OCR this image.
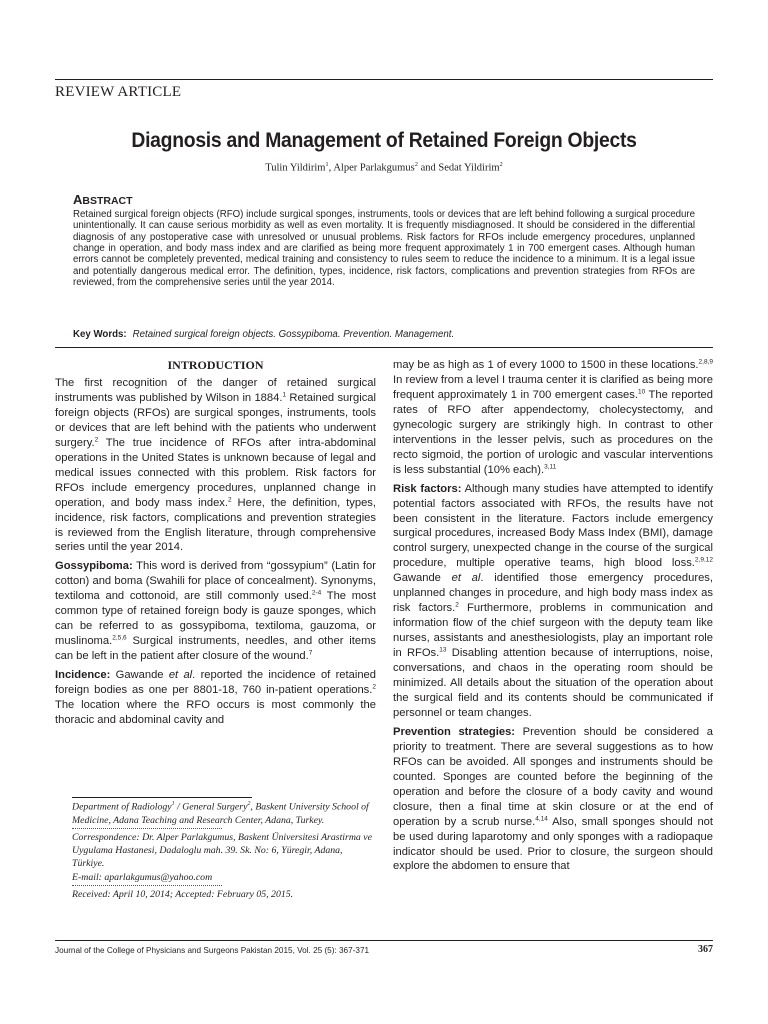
REVIEW ARTICLE
Diagnosis and Management of Retained Foreign Objects
Tulin Yildirim$^1$, Alper Parlakgumus$^2$ and Sedat Yildirim$^2$
ABSTRACT
Retained surgical foreign objects (RFO) include surgical sponges, instruments, tools or devices that are left behind following a surgical procedure unintentionally. It can cause serious morbidity as well as even mortality. It is frequently misdiagnosed. It should be considered in the differential diagnosis of any postoperative case with unresolved or unusual problems. Risk factors for RFOs include emergency procedures, unplanned change in operation, and body mass index and are clarified as being more frequent approximately 1 in 700 emergent cases. Although human errors cannot be completely prevented, medical training and consistency to rules seem to reduce the incidence to a minimum. It is a legal issue and potentially dangerous medical error. The definition, types, incidence, risk factors, complications and prevention strategies from RFOs are reviewed, from the comprehensive series until the year 2014.
Key Words: Retained surgical foreign objects. Gossypiboma. Prevention. Management.
INTRODUCTION

The first recognition of the danger of retained surgical instruments was published by Wilson in 1884.$^1$ Retained surgical foreign objects (RFOs) are surgical sponges, instruments, tools or devices that are left behind with the patients who underwent surgery.$^2$ The true incidence of RFOs after intra-abdominal operations in the United States is unknown because of legal and medical issues connected with this problem. Risk factors for RFOs include emergency procedures, unplanned change in operation, and body mass index.$^2$ Here, the definition, types, incidence, risk factors, complications and prevention strategies is reviewed from the English literature, through comprehensive series until the year 2014.

Gossypiboma: This word is derived from “gossypium” (Latin for cotton) and boma (Swahili for place of concealment). Synonyms, textiloma and cottonoid, are still commonly used.$^{2-4}$ The most common type of retained foreign body is gauze sponges, which can be referred to as gossypiboma, textiloma, gauzoma, or muslinoma.$^{2,5,6}$ Surgical instruments, needles, and other items can be left in the patient after closure of the wound.$^7$

Incidence: Gawande et al. reported the incidence of retained foreign bodies as one per 8801-18, 760 in-patient operations.$^2$ The location where the RFO occurs is most commonly the thoracic and abdominal cavity and

may be as high as 1 of every 1000 to 1500 in these locations.$^{2,8,9}$ In review from a level I trauma center it is clarified as being more frequent approximately 1 in 700 emergent cases.$^{10}$ The reported rates of RFO after appendectomy, cholecystectomy, and gynecologic surgery are strikingly high. In contrast to other interventions in the lesser pelvis, such as procedures on the recto sigmoid, the portion of urologic and vascular interventions is less substantial (10% each).$^{3,11}$

Risk factors: Although many studies have attempted to identify potential factors associated with RFOs, the results have not been consistent in the literature. Factors include emergency surgical procedures, increased Body Mass Index (BMI), damage control surgery, unexpected change in the course of the surgical procedure, multiple operative teams, high blood loss.$^{2,9,12}$ Gawande et al. identified those emergency procedures, unplanned changes in procedure, and high body mass index as risk factors.$^2$ Furthermore, problems in communication and information flow of the chief surgeon with the deputy team like nurses, assistants and anesthesiologists, play an important role in RFOs.$^{13}$ Disabling attention because of interruptions, noise, conversations, and chaos in the operating room should be minimized. All details about the situation of the operation about the surgical field and its contents should be communicated if personnel or team changes.

Prevention strategies: Prevention should be considered a priority to treatment. There are several suggestions as to how RFOs can be avoided. All sponges and instruments should be counted. Sponges are counted before the beginning of the operation and before the closure of a body cavity and wound closure, then a final time at skin closure or at the end of operation by a scrub nurse.$^{4,14}$ Also, small sponges should not be used during laparotomy and only sponges with a radiopaque indicator should be used. Prior to closure, the surgeon should explore the abdomen to ensure that

Department of Radiology$^1$ / General Surgery$^2$, Baskent University School of Medicine, Adana Teaching and Research Center, Adana, Turkey.

Correspondence: Dr. Alper Parlakgumus, Baskent Üniversitesi Arastirma ve Uygulama Hastanesi, Dadaloglu mah. 39. Sk. No: 6, Yüregir, Adana, Türkiye.

E-mail: aparlakgumus@yahoo.com

Received: April 10, 2014; Accepted: February 05, 2015.

Journal of the College of Physicians and Surgeons Pakistan 2015, Vol. 25 (5): 367-371	367
